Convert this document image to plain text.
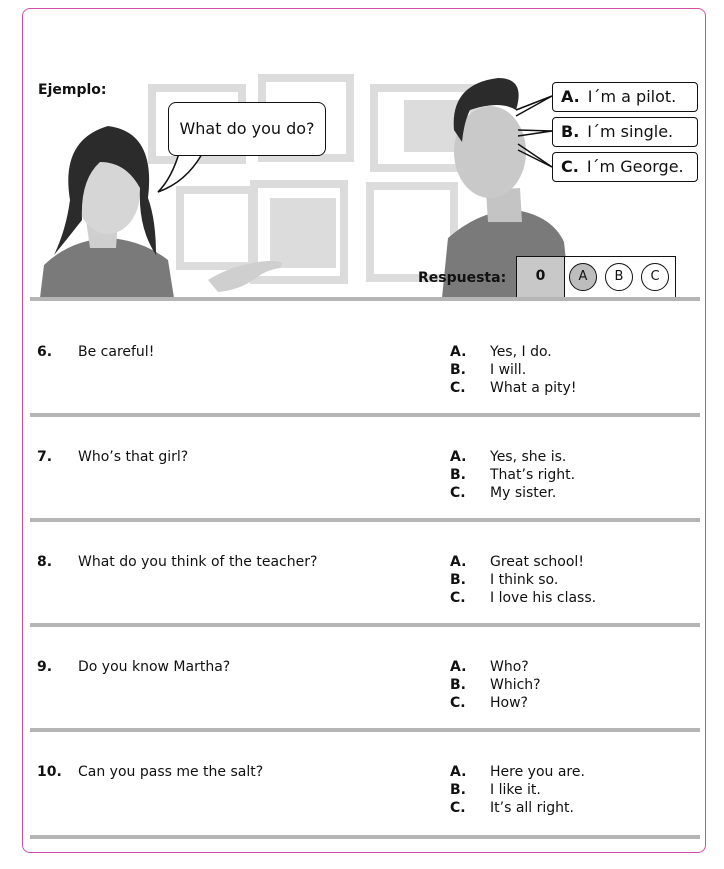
Ejemplo:
What do you do?
A. I´m a pilot.
B. I´m single.
C. I´m George.
Respuesta:	0	A	B	C
6. Be careful!	A. Yes, I do.
B. I will.
C. What a pity!
7. Who’s that girl?	A. Yes, she is.
B. That’s right.
C. My sister.
8. What do you think of the teacher?	A. Great school!
B. I think so.
C. I love his class.
9. Do you know Martha?	A. Who?
B. Which?
C. How?
10. Can you pass me the salt?	A. Here you are.
B. I like it.
C. It’s all right.
